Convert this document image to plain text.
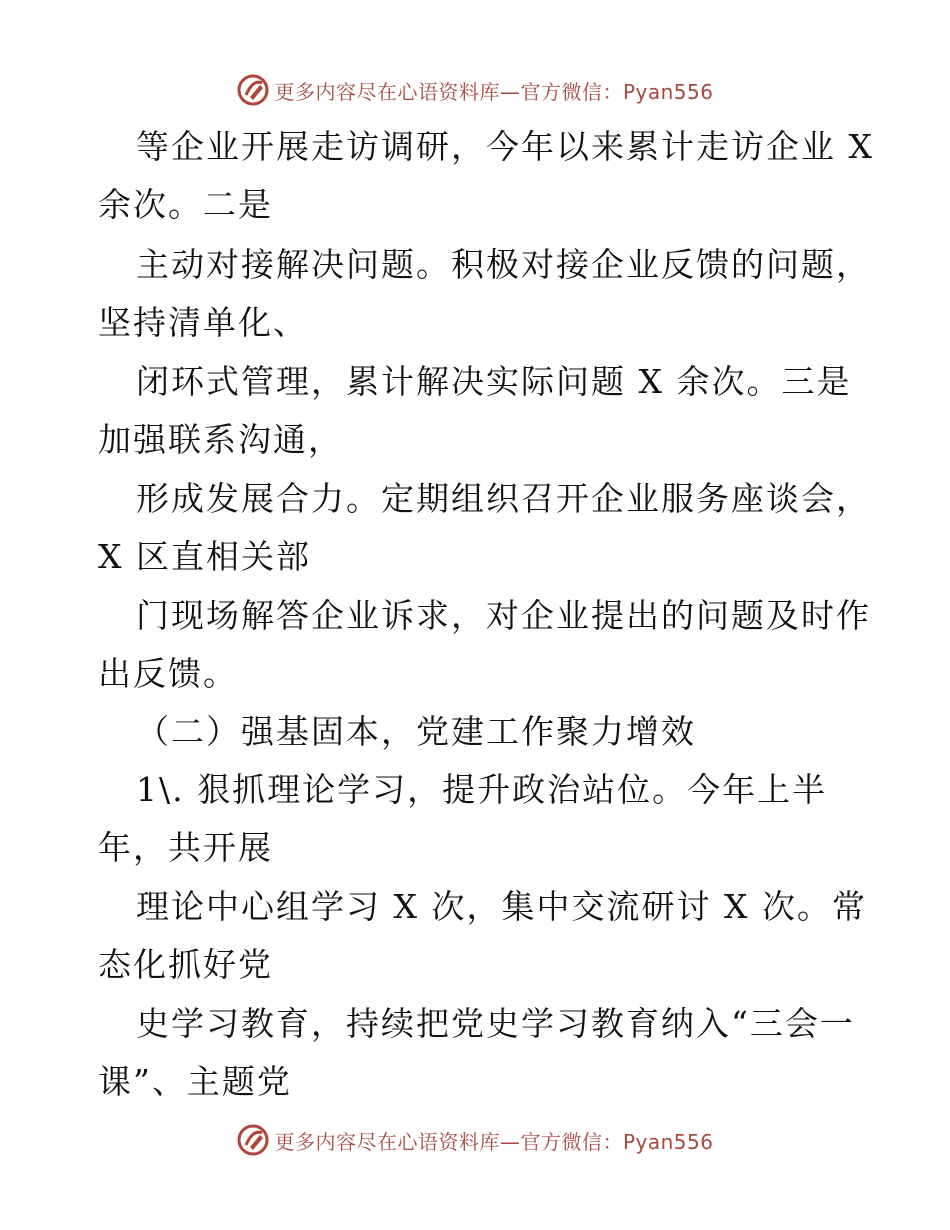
更多内容尽在心语资料库—官方微信：Pyan556
等企业开展走访调研，今年以来累计走访企业 X
余次。二是
主动对接解决问题。积极对接企业反馈的问题，
坚持清单化、
闭环式管理，累计解决实际问题 X 余次。三是
加强联系沟通，
形成发展合力。定期组织召开企业服务座谈会，
X 区直相关部
门现场解答企业诉求，对企业提出的问题及时作
出反馈。
（二）强基固本，党建工作聚力增效
1\. 狠抓理论学习，提升政治站位。今年上半
年，共开展
理论中心组学习 X 次，集中交流研讨 X 次。常
态化抓好党
史学习教育，持续把党史学习教育纳入“三会一
课”、主题党
更多内容尽在心语资料库—官方微信：Pyan556
